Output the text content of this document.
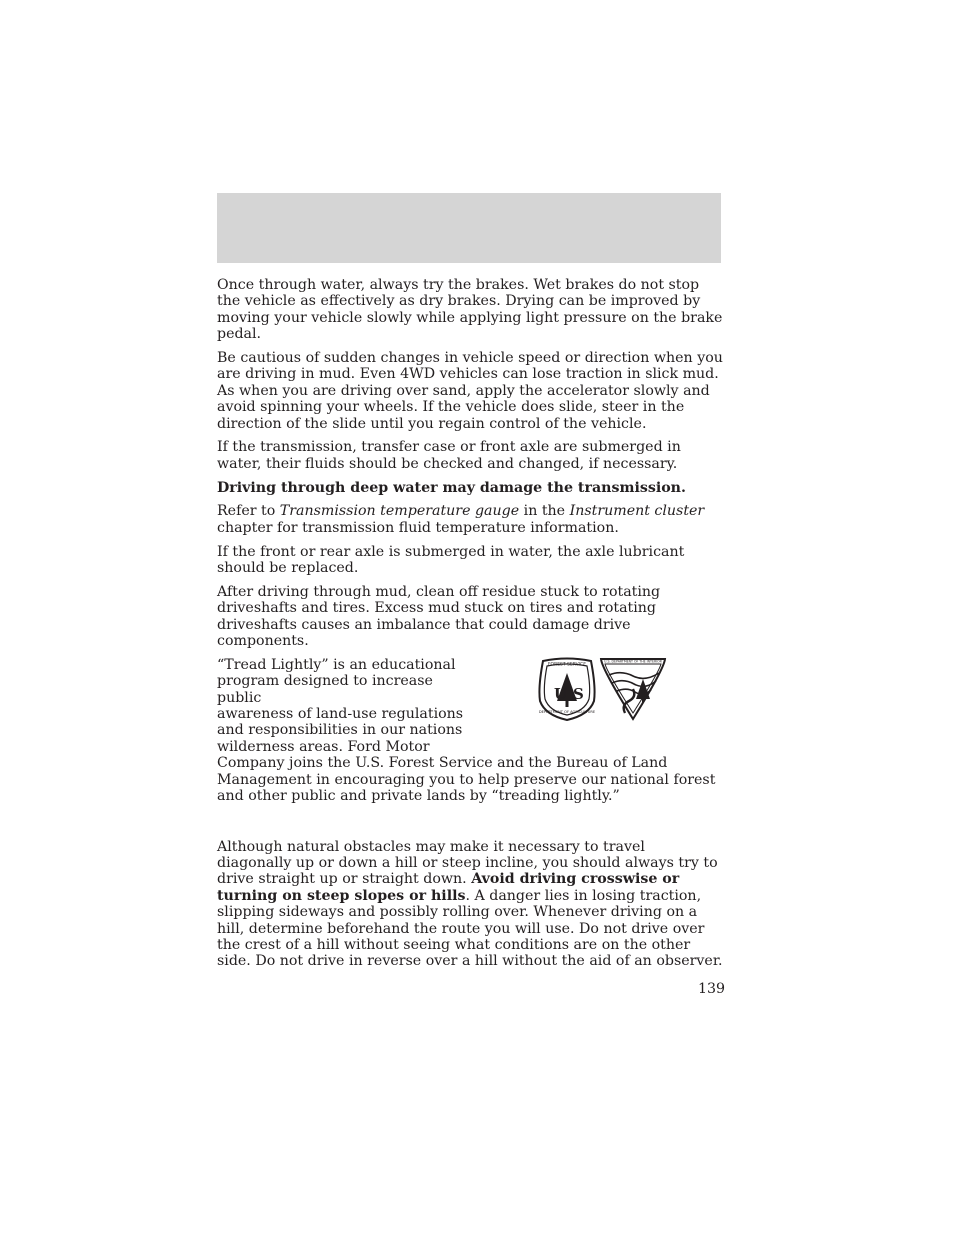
Once through water, always try the brakes. Wet brakes do not stop the vehicle as effectively as dry brakes. Drying can be improved by moving your vehicle slowly while applying light pressure on the brake pedal.

Be cautious of sudden changes in vehicle speed or direction when you are driving in mud. Even 4WD vehicles can lose traction in slick mud. As when you are driving over sand, apply the accelerator slowly and avoid spinning your wheels. If the vehicle does slide, steer in the direction of the slide until you regain control of the vehicle.

If the transmission, transfer case or front axle are submerged in water, their fluids should be checked and changed, if necessary.

Driving through deep water may damage the transmission.

Refer to Transmission temperature gauge in the Instrument cluster chapter for transmission fluid temperature information.

If the front or rear axle is submerged in water, the axle lubricant should be replaced.

After driving through mud, clean off residue stuck to rotating driveshafts and tires. Excess mud stuck on tires and rotating driveshafts causes an imbalance that could damage drive components.

U S
FOREST SERVICE
DEPARTMENT OF AGRICULTURE
U.S. DEPARTMENT OF THE INTERIOR

“Tread Lightly” is an educational
program designed to increase public
awareness of land-use regulations
and responsibilities in our nations
wilderness areas. Ford Motor
Company joins the U.S. Forest Service and the Bureau of Land Management in encouraging you to help preserve our national forest and other public and private lands by “treading lightly.”

Although natural obstacles may make it necessary to travel diagonally up or down a hill or steep incline, you should always try to drive straight up or straight down. Avoid driving crosswise or turning on steep slopes or hills. A danger lies in losing traction, slipping sideways and possibly rolling over. Whenever driving on a hill, determine beforehand the route you will use. Do not drive over the crest of a hill without seeing what conditions are on the other side. Do not drive in reverse over a hill without the aid of an observer.

139
